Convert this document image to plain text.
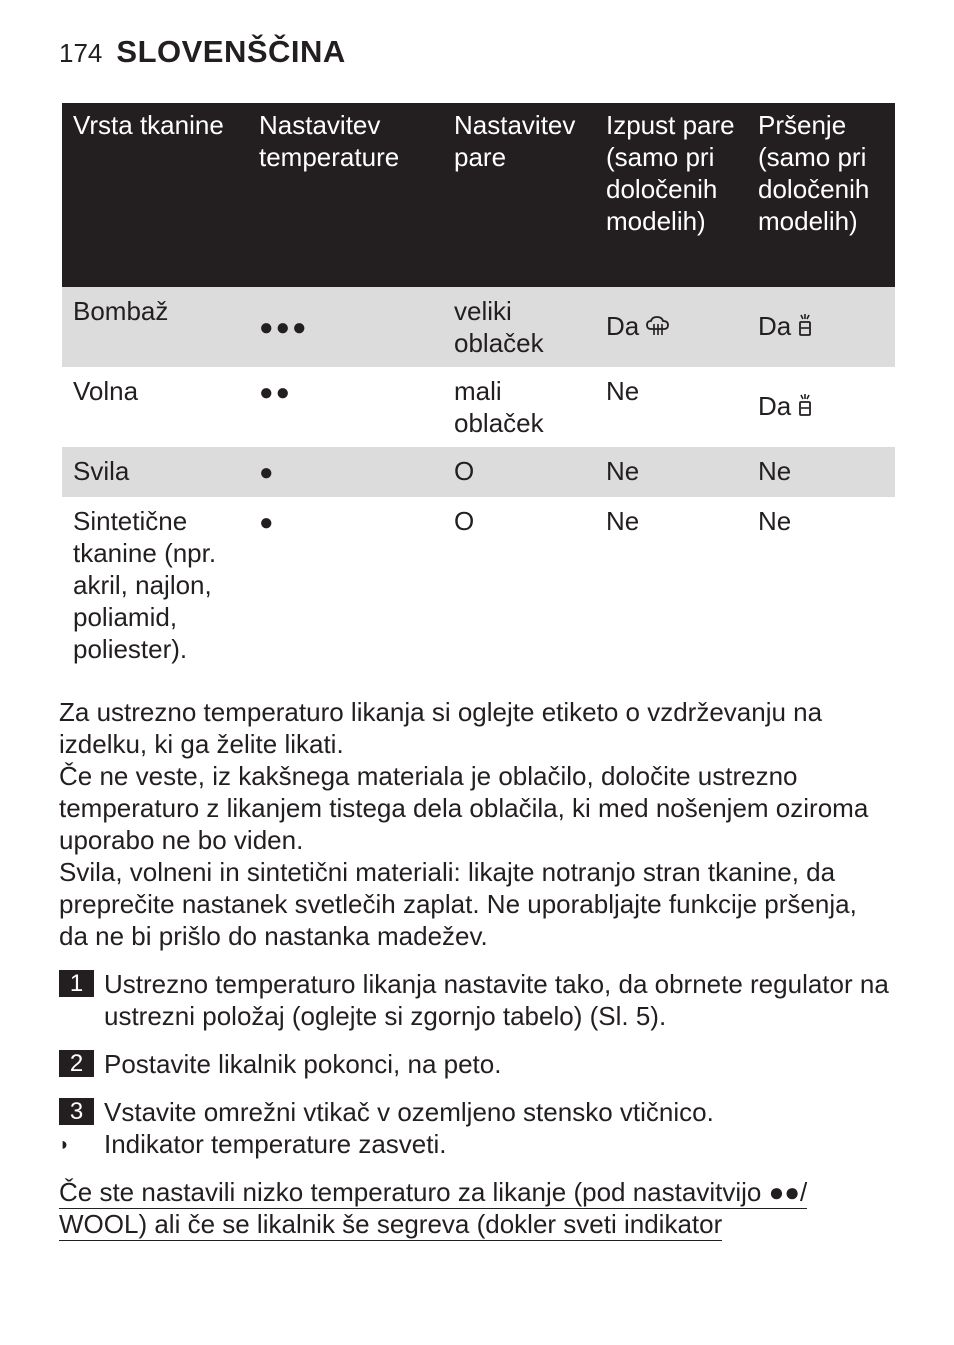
174 SLOVENŠČINA
Vrsta tkanine	Nastavitev temperature	Nastavitev pare	Izpust pare (samo pri določenih modelih)	Pršenje (samo pri določenih modelih)
Bombaž	●●●	veliki oblaček	Da	Da
Volna	●●	mali oblaček	Ne	Da
Svila	●	O	Ne	Ne
Sintetične tkanine (npr. akril, najlon, poliamid, poliester).	●	O	Ne	Ne

Za ustrezno temperaturo likanja si oglejte etiketo o vzdrževanju na izdelku, ki ga želite likati.

Če ne veste, iz kakšnega materiala je oblačilo, določite ustrezno temperaturo z likanjem tistega dela oblačila, ki med nošenjem oziroma uporabo ne bo viden.

Svila, volneni in sintetični materiali: likajte notranjo stran tkanine, da preprečite nastanek svetlečih zaplat. Ne uporabljajte funkcije pršenja, da ne bi prišlo do nastanka madežev.

1 Ustrezno temperaturo likanja nastavite tako, da obrnete regulator na ustrezni položaj (oglejte si zgornjo tabelo) (Sl. 5).
2 Postavite likalnik pokonci, na peto.
3 Vstavite omrežni vtikač v ozemljeno stensko vtičnico.
◗	Indikator temperature zasveti.
Če ste nastavili nizko temperaturo za likanje (pod nastavitvijo ●●/
WOOL) ali če se likalnik še segreva (dokler sveti indikator
